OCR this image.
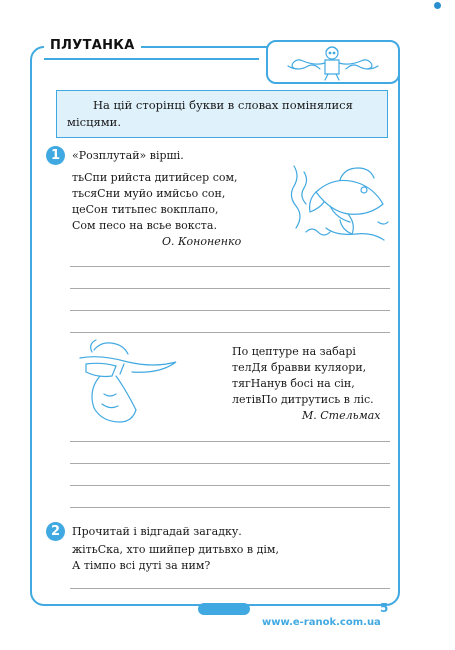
ПЛУТАНКА
На цій сторінці букви в словах помінялися
місцями.
1	«Розплутай» вірші.
тьСпи рийста дитийсер сом,
тьсяСни муйо имйсьо сон,
цеСон титьпес вокплапо,
Сом песо на всье вокста.
О. Кононенко
По цептуре на забарі
телДя бравви куляори,
тягНанув босі на сін,
летівПо дитрутись в ліс.
М. Стельмах
2	Прочитай і відгадай загадку.
жітьСка, хто шийпер дитьвхо в дім,
А тімпо всі дуті за ним?
5
www.e-ranok.com.ua
